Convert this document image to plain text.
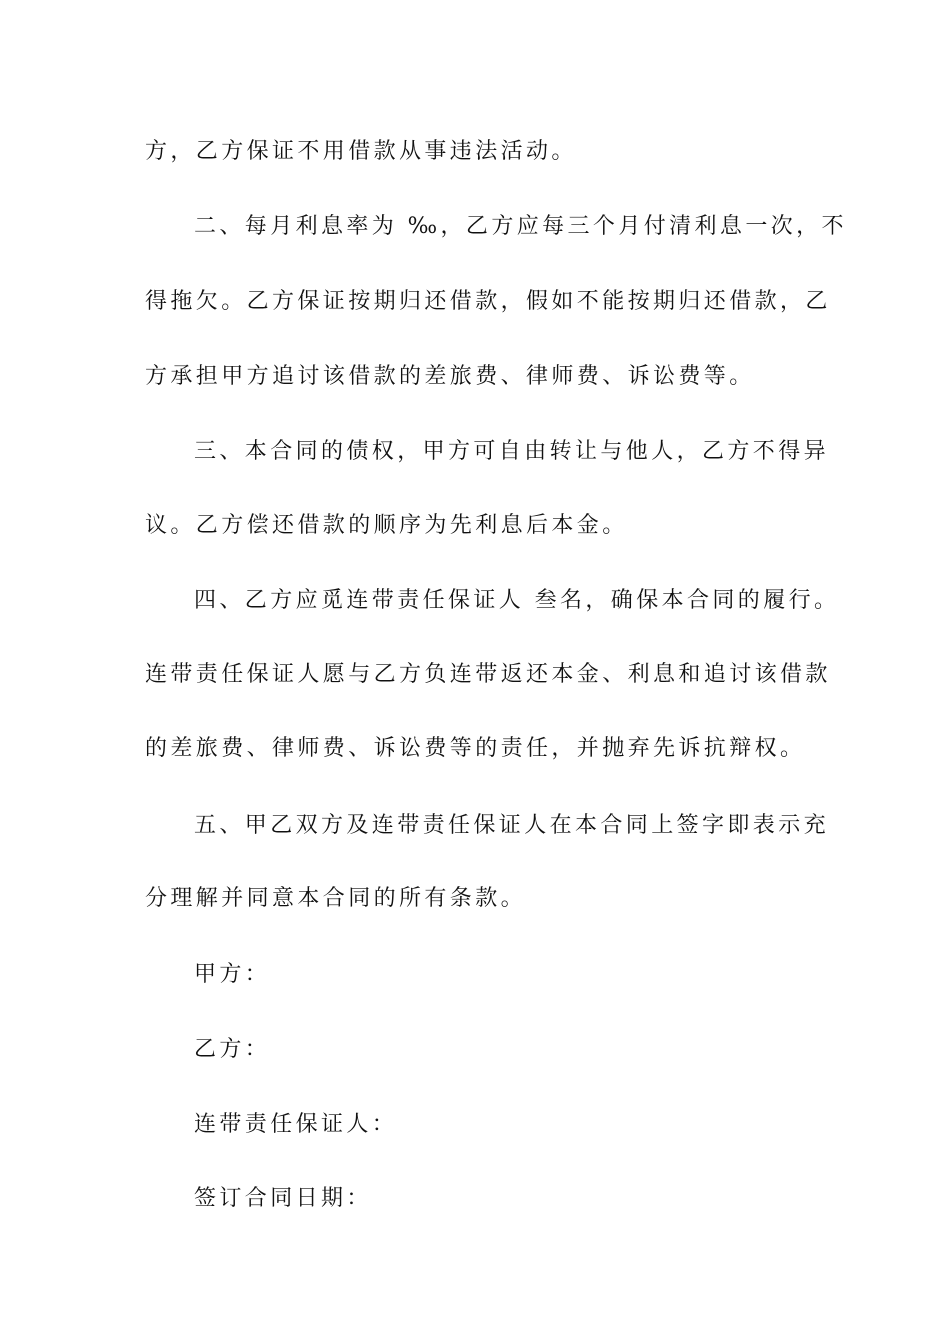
方，乙方保证不用借款从事违法活动。
二、每月利息率为 ‰，乙方应每三个月付清利息一次，不
得拖欠。乙方保证按期归还借款，假如不能按期归还借款，乙
方承担甲方追讨该借款的差旅费、律师费、诉讼费等。
三、本合同的债权，甲方可自由转让与他人，乙方不得异
议。乙方偿还借款的顺序为先利息后本金。
四、乙方应觅连带责任保证人 叁名，确保本合同的履行。
连带责任保证人愿与乙方负连带返还本金、利息和追讨该借款
的差旅费、律师费、诉讼费等的责任，并抛弃先诉抗辩权。
五、甲乙双方及连带责任保证人在本合同上签字即表示充
分理解并同意本合同的所有条款。
甲方：
乙方：
连带责任保证人：
签订合同日期：
